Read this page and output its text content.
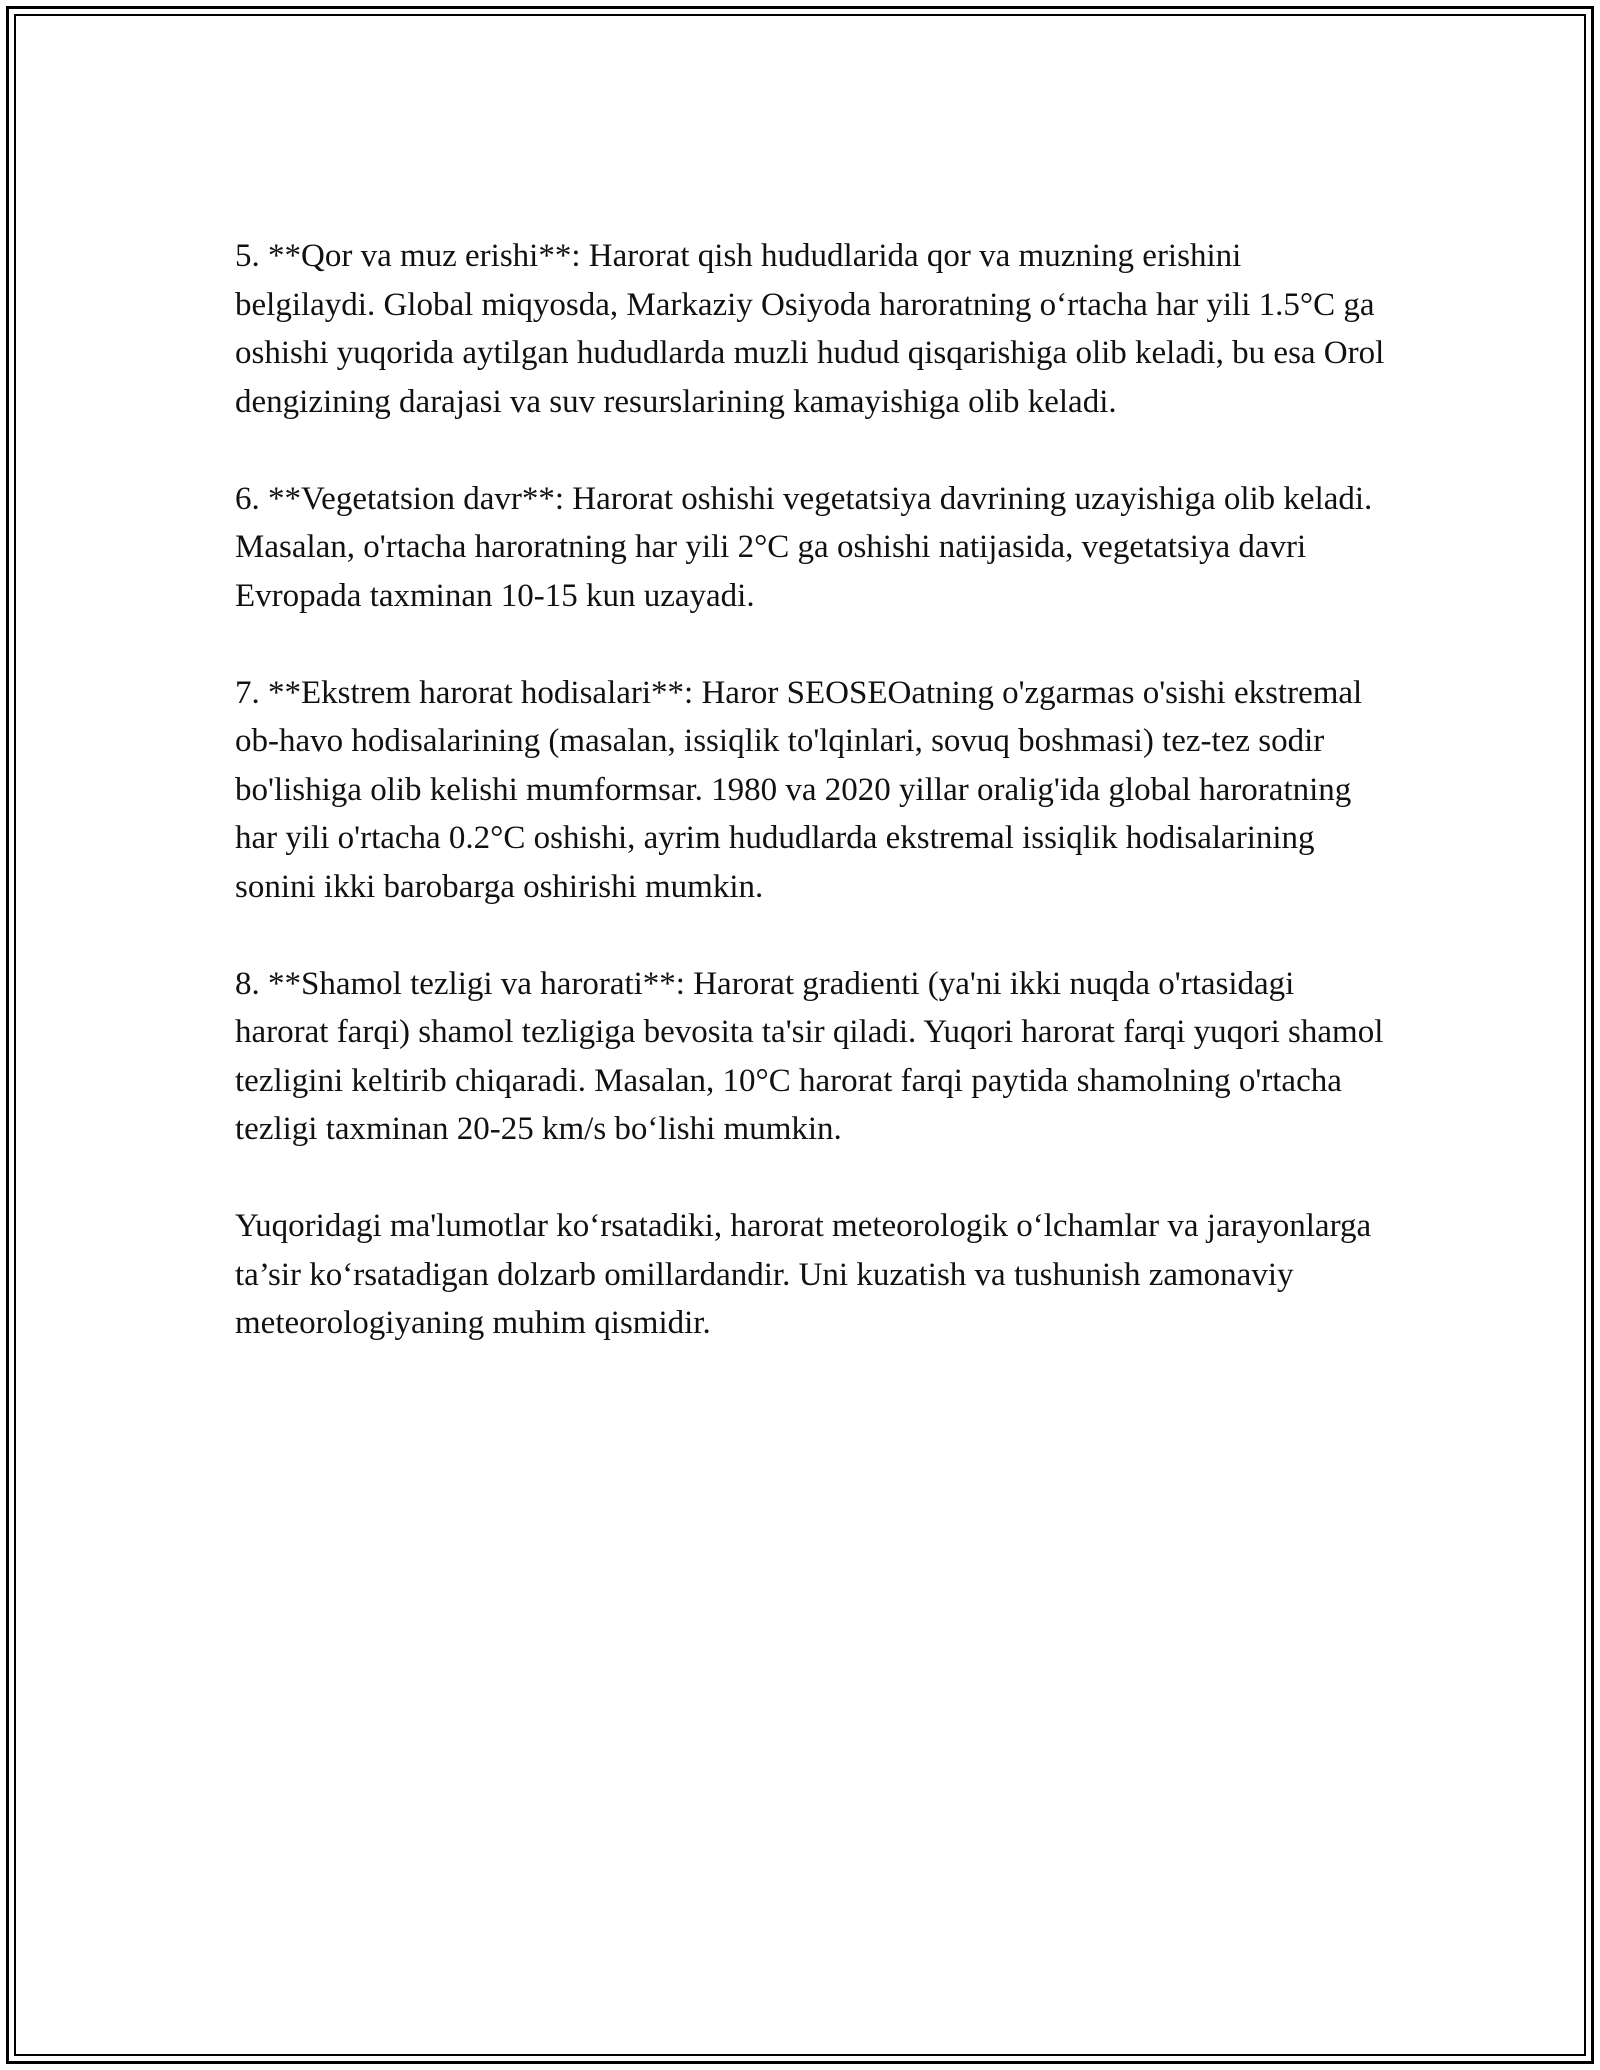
5. **Qor va muz erishi**: Harorat qish hududlarida qor va muzning erishini belgilaydi. Global miqyosda, Markaziy Osiyoda haroratning o‘rtacha har yili 1.5°C ga oshishi yuqorida aytilgan hududlarda muzli hudud qisqarishiga olib keladi, bu esa Orol dengizining darajasi va suv resurslarining kamayishiga olib keladi.

6. **Vegetatsion davr**: Harorat oshishi vegetatsiya davrining uzayishiga olib keladi. Masalan, o'rtacha haroratning har yili 2°C ga oshishi natijasida, vegetatsiya davri Evropada taxminan 10-15 kun uzayadi.

7. **Ekstrem harorat hodisalari**: Haror SEOSEOatning o'zgarmas o'sishi ekstremal ob-havo hodisalarining (masalan, issiqlik to'lqinlari, sovuq boshmasi) tez-tez sodir bo'lishiga olib kelishi mumformsar. 1980 va 2020 yillar oralig'ida global haroratning har yili o'rtacha 0.2°C oshishi, ayrim hududlarda ekstremal issiqlik hodisalarining sonini ikki barobarga oshirishi mumkin.

8. **Shamol tezligi va harorati**: Harorat gradienti (ya'ni ikki nuqda o'rtasidagi harorat farqi) shamol tezligiga bevosita ta'sir qiladi. Yuqori harorat farqi yuqori shamol tezligini keltirib chiqaradi. Masalan, 10°C harorat farqi paytida shamolning o'rtacha tezligi taxminan 20-25 km/s bo‘lishi mumkin.

Yuqoridagi ma'lumotlar ko‘rsatadiki, harorat meteorologik o‘lchamlar va jarayonlarga ta’sir ko‘rsatadigan dolzarb omillardandir. Uni kuzatish va tushunish zamonaviy meteorologiyaning muhim qismidir.
